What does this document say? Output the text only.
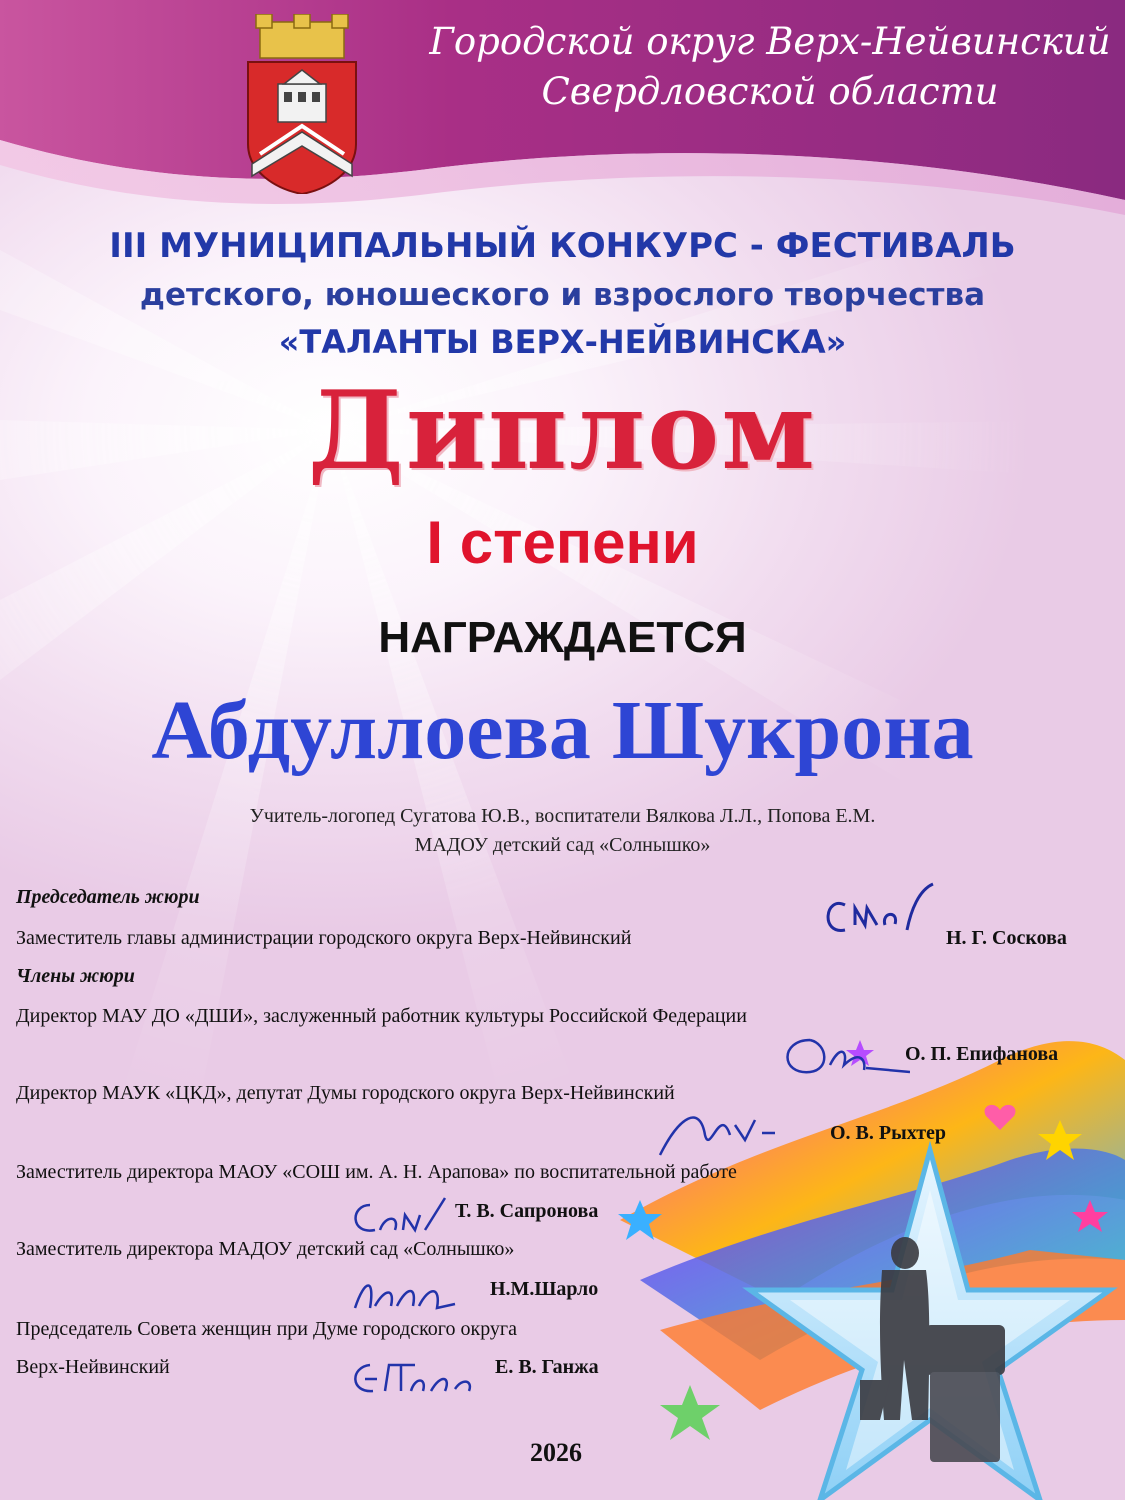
Городской округ Верх-Нейвинский
Свердловской области
III МУНИЦИПАЛЬНЫЙ КОНКУРС - ФЕСТИВАЛЬ
детского, юношеского и взрослого творчества
«ТАЛАНТЫ ВЕРХ-НЕЙВИНСКА»
Диплом
I степени
НАГРАЖДАЕТСЯ
Абдуллоева Шукрона
Учитель-логопед Сугатова Ю.В., воспитатели Вялкова Л.Л., Попова Е.М.
МАДОУ детский сад «Солнышко»
Председатель жюри
Заместитель главы администрации городского округа Верх-Нейвинский	Н. Г. Соскова
Члены жюри
Директор МАУ ДО «ДШИ», заслуженный работник культуры Российской Федерации
О. П. Епифанова
Директор МАУК «ЦКД», депутат Думы городского округа Верх-Нейвинский
О. В. Рыхтер
Заместитель директора МАОУ «СОШ им. А. Н. Арапова» по воспитательной работе
Т. В. Сапронова
Заместитель директора МАДОУ детский сад «Солнышко»
Н.М.Шарло
Председатель Совета женщин при Думе городского округа
Верх-Нейвинский	Е. В. Ганжа
2026
